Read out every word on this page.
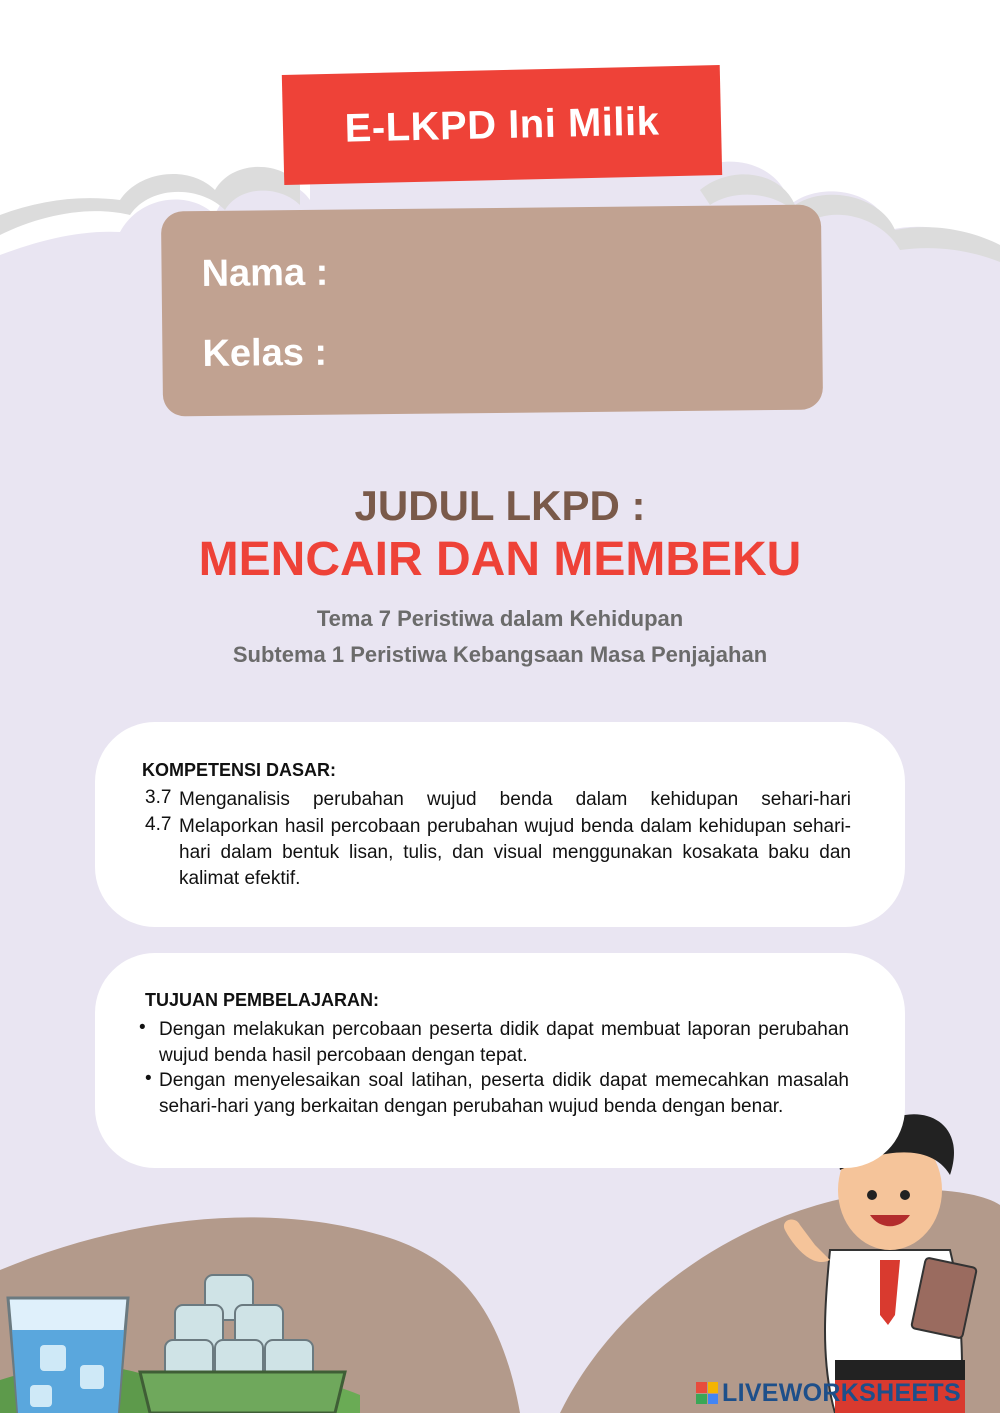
E-LKPD Ini Milik
Nama :
Kelas :
JUDUL LKPD :
MENCAIR DAN MEMBEKU
Tema 7 Peristiwa dalam Kehidupan
Subtema 1 Peristiwa Kebangsaan Masa Penjajahan
KOMPETENSI DASAR:
3.7 Menganalisis perubahan wujud benda dalam kehidupan sehari-hari
4.7 Melaporkan hasil percobaan perubahan wujud benda dalam kehidupan sehari-hari dalam bentuk lisan, tulis, dan visual menggunakan kosakata baku dan kalimat efektif.
TUJUAN PEMBELAJARAN:
• Dengan melakukan percobaan peserta didik dapat membuat laporan perubahan wujud benda hasil percobaan dengan tepat.
• Dengan menyelesaikan soal latihan, peserta didik dapat memecahkan masalah sehari-hari yang berkaitan dengan perubahan wujud benda dengan benar.
LIVEWORKSHEETS
